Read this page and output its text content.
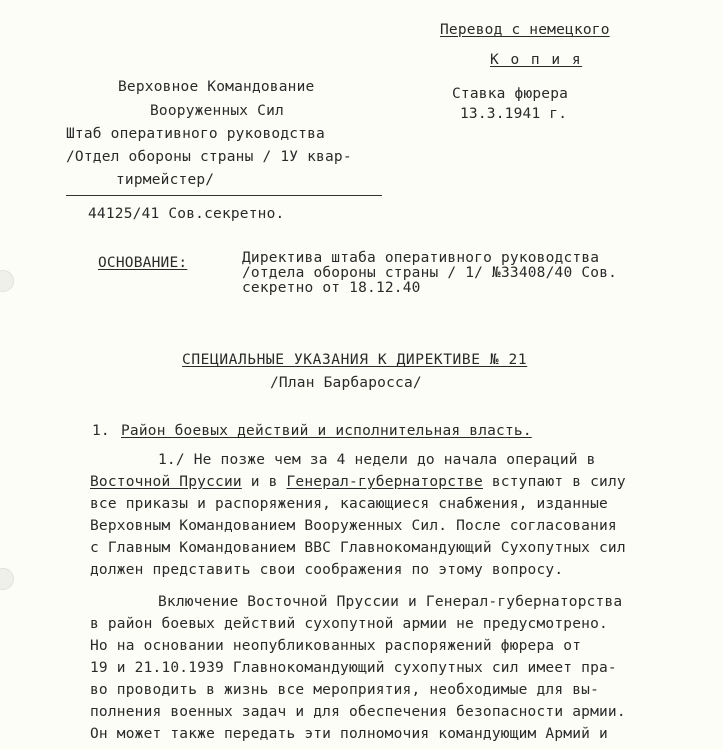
Перевод с немецкого
К о п и я
Ставка фюрера
13.3.1941 г.
Верховное Командование
Вооруженных Сил
Штаб оперативного руководства
/Отдел обороны страны / 1У квар-
тирмейстер/
44125/41 Сов.секретно.
ОСНОВАНИЕ:	Директива штаба оперативного руководства
/отдела обороны страны / 1/ №33408/40 Сов.
секретно от 18.12.40
СПЕЦИАЛЬНЫЕ УКАЗАНИЯ К ДИРЕКТИВЕ № 21
/План Барбаросса/
1. Район боевых действий и исполнительная власть.
1./ Не позже чем за 4 недели до начала операций в
Восточной Пруссии и в Генерал-губернаторстве вступают в силу
все приказы и распоряжения, касающиеся снабжения, изданные
Верховным Командованием Вооруженных Сил. После согласования
с Главным Командованием ВВС Главнокомандующий Сухопутных сил
должен представить свои соображения по этому вопросу.
Включение Восточной Пруссии и Генерал-губернаторства
в район боевых действий сухопутной армии не предусмотрено.
Но на основании неопубликованных распоряжений фюрера от
19 и 21.10.1939 Главнокомандующий сухопутных сил имеет пра-
во проводить в жизнь все мероприятия, необходимые для вы-
полнения военных задач и для обеспечения безопасности армии.
Он может также передать эти полномочия командующим Армий и
